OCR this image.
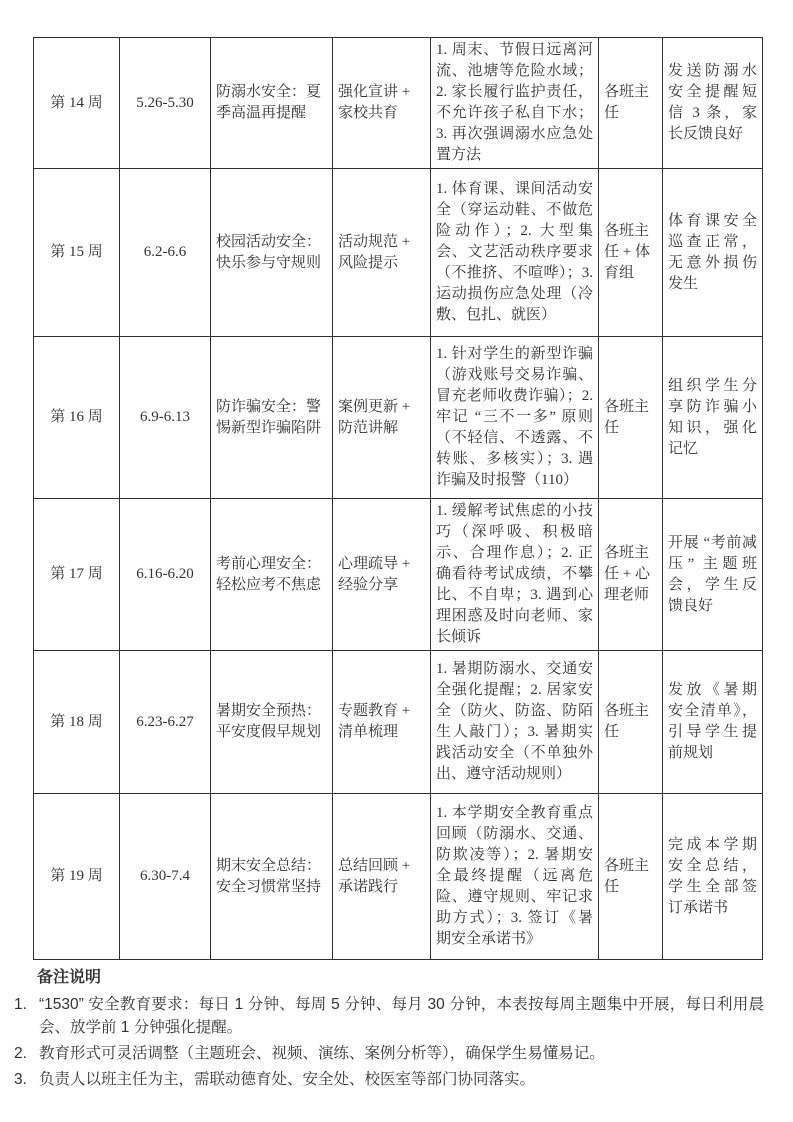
第 14 周	5.26-5.30	防溺水安全：夏季高温再提醒	强化宣讲 + 家校共育	1. 周末、节假日远离河流、池塘等危险水域；2. 家长履行监护责任，不允许孩子私自下水；3. 再次强调溺水应急处置方法	各班主任	发送防溺水安全提醒短信 3 条，家长反馈良好
第 15 周	6.2-6.6	校园活动安全：快乐参与守规则	活动规范 + 风险提示	1. 体育课、课间活动安全（穿运动鞋、不做危险动作）；2. 大型集会、文艺活动秩序要求（不推挤、不喧哗）；3. 运动损伤应急处理（冷敷、包扎、就医）	各班主任 + 体育组	体育课安全巡查正常，无意外损伤发生
第 16 周	6.9-6.13	防诈骗安全：警惕新型诈骗陷阱	案例更新 + 防范讲解	1. 针对学生的新型诈骗（游戏账号交易诈骗、冒充老师收费诈骗）；2. 牢记 “三不一多” 原则（不轻信、不透露、不转账、多核实）；3. 遇诈骗及时报警（110）	各班主任	组织学生分享防诈骗小知识，强化记忆
第 17 周	6.16-6.20	考前心理安全：轻松应考不焦虑	心理疏导 + 经验分享	1. 缓解考试焦虑的小技巧（深呼吸、积极暗示、合理作息）；2. 正确看待考试成绩，不攀比、不自卑；3. 遇到心理困惑及时向老师、家长倾诉	各班主任 + 心理老师	开展 “考前减压” 主题班会，学生反馈良好
第 18 周	6.23-6.27	暑期安全预热：平安度假早规划	专题教育 + 清单梳理	1. 暑期防溺水、交通安全强化提醒；2. 居家安全（防火、防盗、防陌生人敲门）；3. 暑期实践活动安全（不单独外出、遵守活动规则）	各班主任	发放《暑期安全清单》，引导学生提前规划
第 19 周	6.30-7.4	期末安全总结：安全习惯常坚持	总结回顾 + 承诺践行	1. 本学期安全教育重点回顾（防溺水、交通、防欺凌等）；2. 暑期安全最终提醒（远离危险、遵守规则、牢记求助方式）；3. 签订《暑期安全承诺书》	各班主任	完成本学期安全总结，学生全部签订承诺书
备注说明
1. “1530” 安全教育要求：每日 1 分钟、每周 5 分钟、每月 30 分钟，本表按每周主题集中开展，每日利用晨会、放学前 1 分钟强化提醒。
2. 教育形式可灵活调整（主题班会、视频、演练、案例分析等），确保学生易懂易记。
3. 负责人以班主任为主，需联动德育处、安全处、校医室等部门协同落实。
